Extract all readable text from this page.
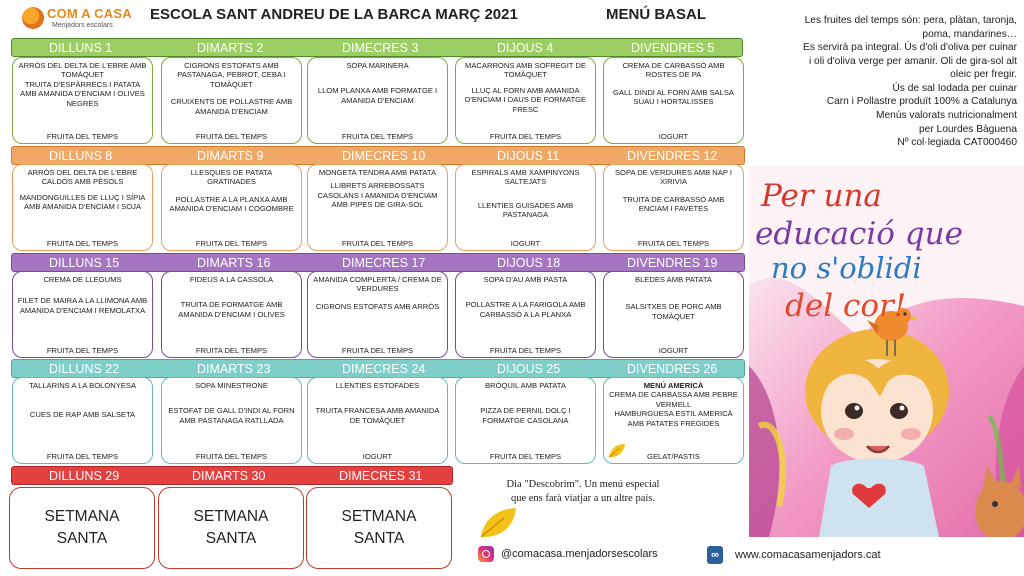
COM A CASA
Menjadors escolars
ESCOLA SANT ANDREU DE LA BARCA MARÇ 2021	MENÚ BASAL
DILLUNS 1	DIMARTS 2	DIMECRES 3	DIJOUS 4	DIVENDRES 5
ARRÒS DEL DELTA DE L'EBRE AMB TOMÀQUET
TRUITA D'ESPÀRRECS I PATATA AMB AMANIDA D'ENCIAM I OLIVES NEGRES
FRUITA DEL TEMPS
CIGRONS ESTOFATS AMB PASTANAGA, PEBROT, CEBA I TOMÀQUET
CRUIXENTS DE POLLASTRE AMB AMANIDA D'ENCIAM
FRUITA DEL TEMPS
SOPA MARINERA
LLOM PLANXA AMB FORMATGE I AMANIDA D'ENCIAM
FRUITA DEL TEMPS
MACARRONS AMB SOFREGIT DE TOMÀQUET
LLUÇ AL FORN AMB AMANIDA D'ENCIAM I DAUS DE FORMATGE FRESC
FRUITA DEL TEMPS
CREMA DE CARBASSÓ AMB ROSTES DE PA
GALL DINDI AL FORN AMB SALSA SUAU I HORTALISSES
IOGURT
DILLUNS 8	DIMARTS 9	DIMECRES 10	DIJOUS 11	DIVENDRES 12
ARRÒS DEL DELTA DE L'EBRE CALDÓS AMB PÈSOLS
MANDONGUILLES DE LLUÇ I SÍPIA AMB AMANIDA D'ENCIAM I SOJA
FRUITA DEL TEMPS
LLESQUES DE PATATA GRATINADES
POLLASTRE A LA PLANXA AMB AMANIDA D'ENCIAM I COGOMBRE
FRUITA DEL TEMPS
MONGETA TENDRA AMB PATATA
LLIBRETS ARREBOSSATS CASOLANS I AMANIDA D'ENCIAM AMB PIPES DE GIRA-SOL
FRUITA DEL TEMPS
ESPIRALS AMB XAMPINYONS SALTEJATS
LLENTIES GUISADES AMB PASTANAGA
IOGURT
SOPA DE VERDURES AMB NAP I XIRIVIA
TRUITA DE CARBASSÓ AMB ENCIAM I FAVETES
FRUITA DEL TEMPS
DILLUNS 15	DIMARTS 16	DIMECRES 17	DIJOUS 18	DIVENDRES 19
CREMA DE LLEGUMS
FILET DE MAIRA A LA LLIMONA AMB AMANIDA D'ENCIAM I REMOLATXA
FRUITA DEL TEMPS
FIDEUS A LA CASSOLA
TRUITA DE FORMATGE AMB AMANIDA D'ENCIAM I OLIVES
FRUITA DEL TEMPS
AMANIDA COMPLERTA / CREMA DE VERDURES
CIGRONS ESTOFATS AMB ARRÒS
FRUITA DEL TEMPS
SOPA D'AU AMB PASTA
POLLASTRE A LA FARIGOLA AMB CARBASSÓ A LA PLANXA
FRUITA DEL TEMPS
BLEDES AMB PATATA
SALSITXES DE PORC AMB TOMÀQUET
IOGURT
DILLUNS 22	DIMARTS 23	DIMECRES 24	DIJOUS 25	DIVENDRES 26
TALLARINS A LA BOLONYESA
CUES DE RAP AMB SALSETA
FRUITA DEL TEMPS
SOPA MINESTRONE
ESTOFAT DE GALL D'INDI AL FORN AMB PASTANAGA RATLLADA
FRUITA DEL TEMPS
LLENTIES ESTOFADES
TRUITA FRANCESA AMB AMANIDA DE TOMÀQUET
IOGURT
BRÒQUIL AMB PATATA
PIZZA DE PERNIL DOLÇ I FORMATGE CASOLANA
FRUITA DEL TEMPS
MENÚ AMERICÀ
CREMA DE CARBASSA AMB PEBRE VERMELL
HAMBURGUESA ESTIL AMERICÀ AMB PATATES FREGIDES
GELAT/PASTIS
DILLUNS 29	DIMARTS 30	DIMECRES 31
SETMANA
SANTA
SETMANA
SANTA
SETMANA
SANTA
Dia "Descobrim". Un menú especial
que ens farà viatjar a un altre país.
Les fruites del temps són: pera, plàtan, taronja,
poma, mandarines…
Es servirà pa integral. Ús d'oli d'oliva per cuinar
i oli d'oliva verge per amanir. Oli de gira-sol alt
oleic per fregir.
Ús de sal Iodada per cuinar
Carn i Pollastre produït 100% a Catalunya
Menús valorats nutricionalment
per Lourdes Bàguena
Nº col·legiada CAT000460
Per una
educació que
no s'oblidi
del cor!
@comacasa.menjadorsescolars	∞	www.comacasamenjadors.cat
